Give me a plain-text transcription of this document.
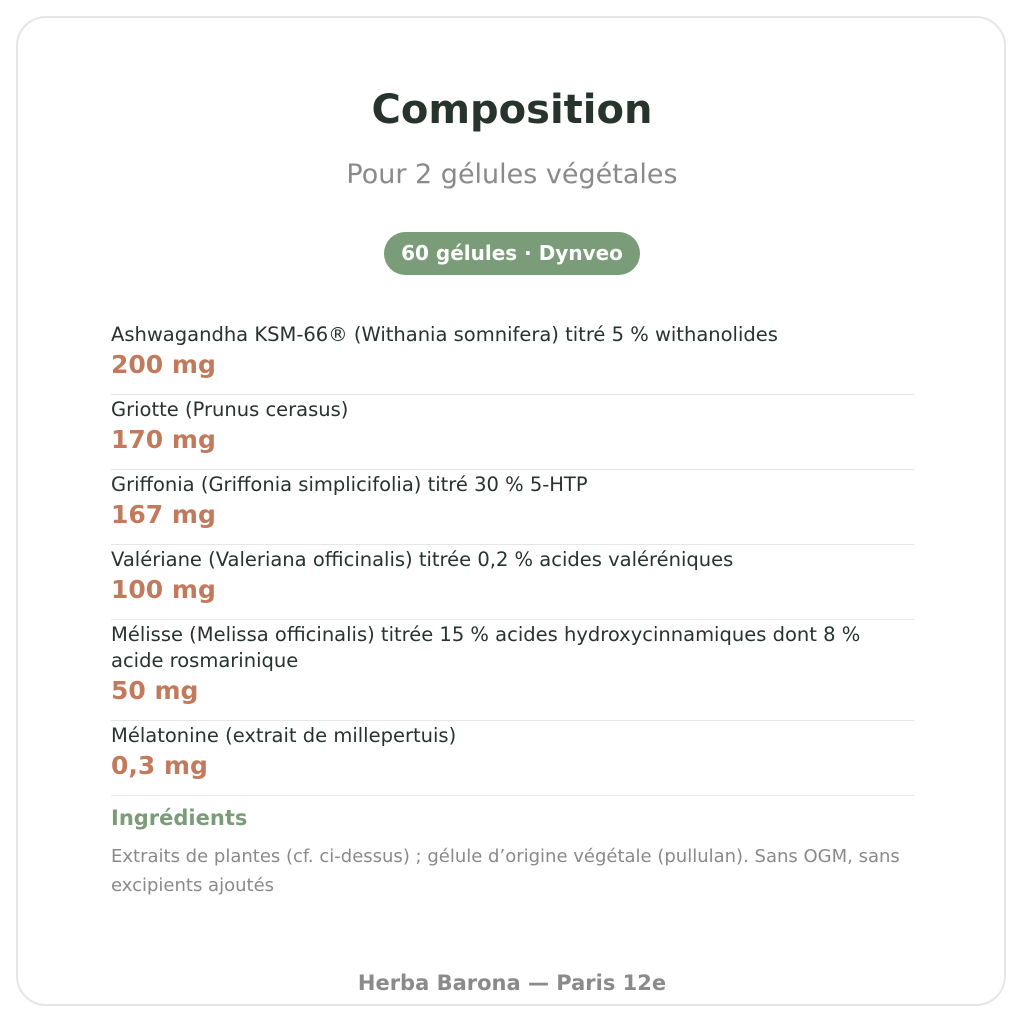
Composition
Pour 2 gélules végétales
60 gélules · Dynveo
Ashwagandha KSM-66® (Withania somnifera) titré 5 % withanolides
200 mg
Griotte (Prunus cerasus)
170 mg
Griffonia (Griffonia simplicifolia) titré 30 % 5-HTP
167 mg
Valériane (Valeriana officinalis) titrée 0,2 % acides valéréniques
100 mg
Mélisse (Melissa officinalis) titrée 15 % acides hydroxycinnamiques dont 8 % acide rosmarinique
50 mg
Mélatonine (extrait de millepertuis)
0,3 mg
Ingrédients
Extraits de plantes (cf. ci-dessus) ; gélule d’origine végétale (pullulan). Sans OGM, sans excipients ajoutés
Herba Barona — Paris 12e
